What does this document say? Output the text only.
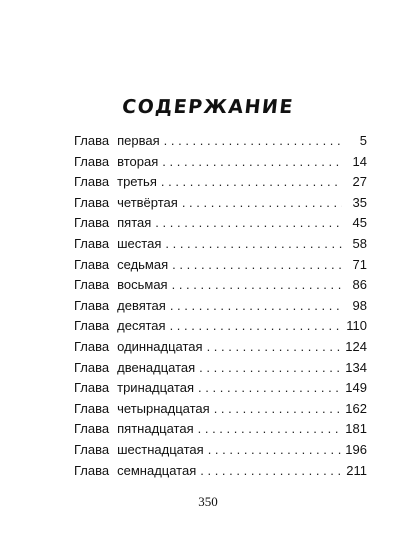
СОДЕРЖАНИЕ
Глава первая . . .	5
Глава вторая . . .	14
Глава третья . . .	27
Глава четвёртая . . .	35
Глава пятая . . .	45
Глава шестая . . .	58
Глава седьмая . . .	71
Глава восьмая . . .	86
Глава девятая . . .	98
Глава десятая . . .	110
Глава одиннадцатая . . .	124
Глава двенадцатая . . .	134
Глава тринадцатая . . .	149
Глава четырнадцатая . . .	162
Глава пятнадцатая . . .	181
Глава шестнадцатая . . .	196
Глава семнадцатая . . .	211
350
